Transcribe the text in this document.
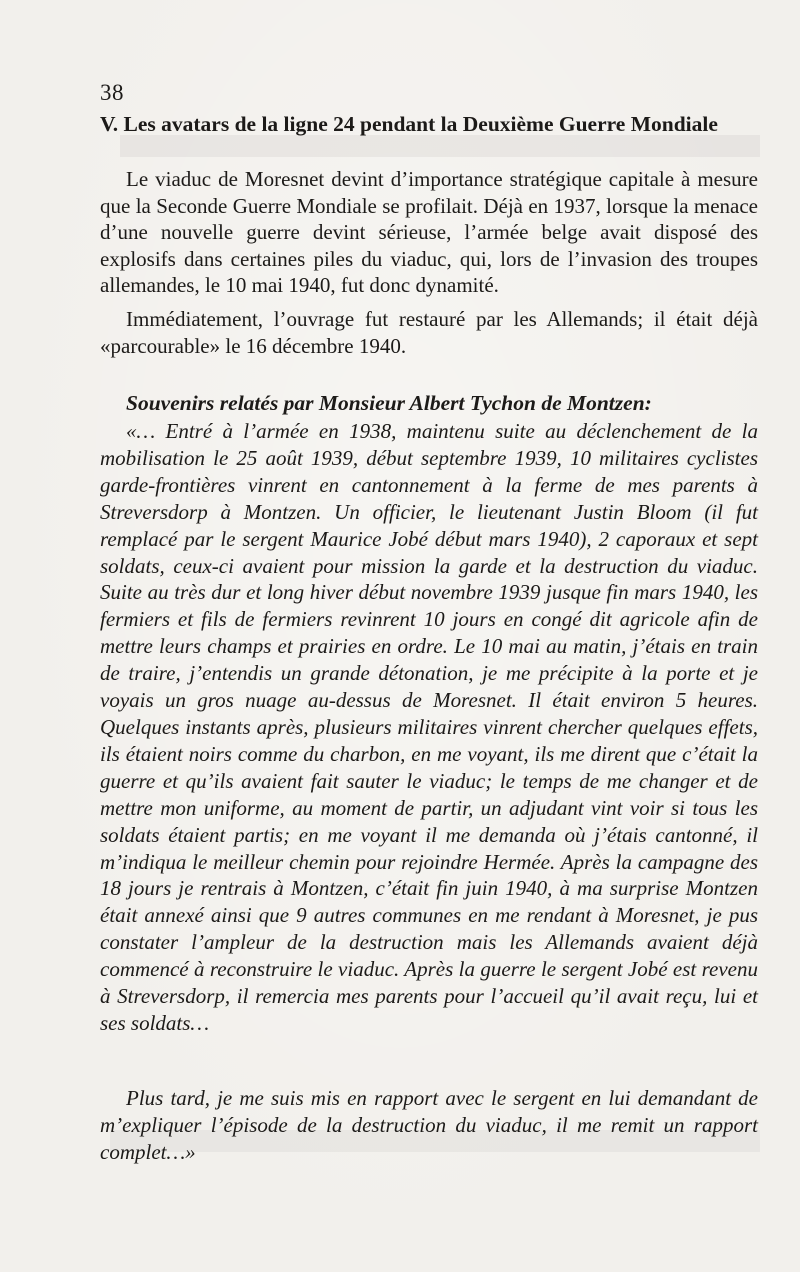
38
V. Les avatars de la ligne 24 pendant la Deuxième Guerre Mondiale

Le viaduc de Moresnet devint d’importance stratégique capitale à mesure que la Seconde Guerre Mondiale se profilait. Déjà en 1937, lorsque la menace d’une nouvelle guerre devint sérieuse, l’armée belge avait disposé des explosifs dans certaines piles du viaduc, qui, lors de l’invasion des troupes allemandes, le 10 mai 1940, fut donc dynamité.

Immédiatement, l’ouvrage fut restauré par les Allemands; il était déjà «parcourable» le 16 décembre 1940.

Souvenirs relatés par Monsieur Albert Tychon de Montzen:

«… Entré à l’armée en 1938, maintenu suite au déclenchement de la mobilisation le 25 août 1939, début septembre 1939, 10 militaires cyclistes garde-frontières vinrent en cantonnement à la ferme de mes parents à Streversdorp à Montzen. Un officier, le lieutenant Justin Bloom (il fut remplacé par le sergent Maurice Jobé début mars 1940), 2 caporaux et sept soldats, ceux-ci avaient pour mission la garde et la destruction du viaduc. Suite au très dur et long hiver début novembre 1939 jusque fin mars 1940, les fermiers et fils de fermiers revinrent 10 jours en congé dit agricole afin de mettre leurs champs et prairies en ordre. Le 10 mai au matin, j’étais en train de traire, j’entendis un grande détonation, je me précipite à la porte et je voyais un gros nuage au-dessus de Moresnet. Il était environ 5 heures. Quelques instants après, plusieurs militaires vinrent chercher quelques effets, ils étaient noirs comme du charbon, en me voyant, ils me dirent que c’était la guerre et qu’ils avaient fait sauter le viaduc; le temps de me changer et de mettre mon uniforme, au moment de partir, un adjudant vint voir si tous les soldats étaient partis; en me voyant il me demanda où j’étais cantonné, il m’indiqua le meilleur chemin pour rejoindre Hermée. Après la campagne des 18 jours je rentrais à Montzen, c’était fin juin 1940, à ma surprise Montzen était annexé ainsi que 9 autres communes en me rendant à Moresnet, je pus constater l’ampleur de la destruction mais les Allemands avaient déjà commencé à reconstruire le viaduc. Après la guerre le sergent Jobé est revenu à Streversdorp, il remercia mes parents pour l’accueil qu’il avait reçu, lui et ses soldats…

Plus tard, je me suis mis en rapport avec le sergent en lui demandant de m’expliquer l’épisode de la destruction du viaduc, il me remit un rapport complet…»
